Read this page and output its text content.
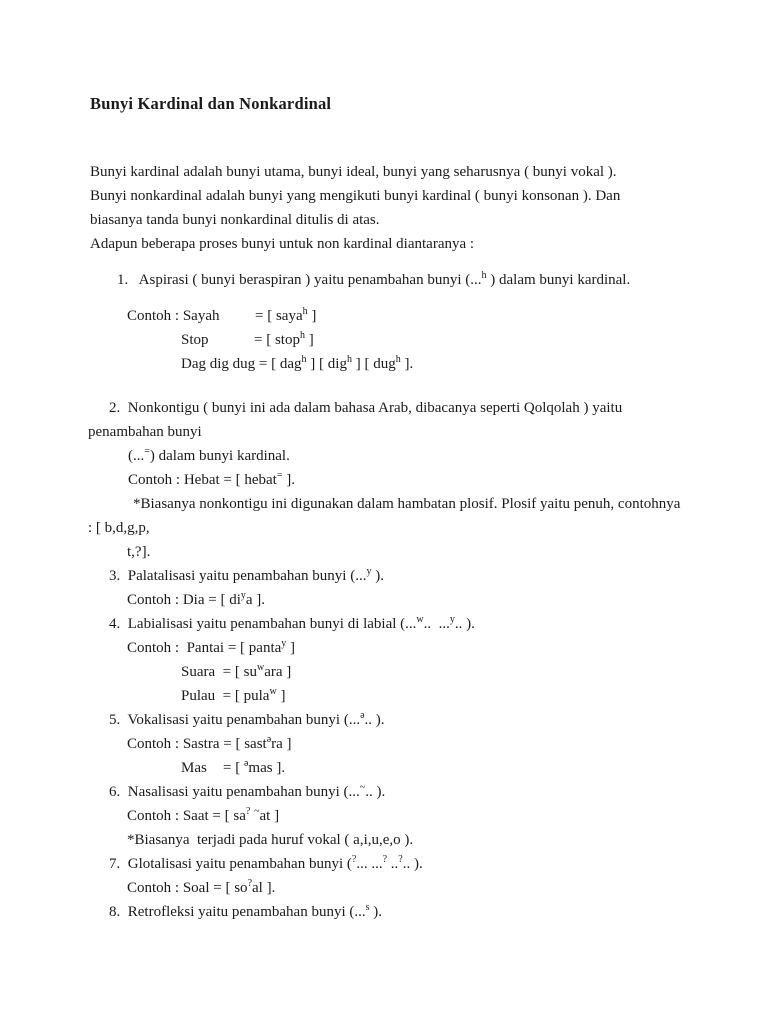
Bunyi Kardinal dan Nonkardinal

Bunyi kardinal adalah bunyi utama, bunyi ideal, bunyi yang seharusnya ( bunyi vokal ).

Bunyi nonkardinal adalah bunyi yang mengikuti bunyi kardinal ( bunyi konsonan ). Dan

biasanya tanda bunyi nonkardinal ditulis di atas.

Adapun beberapa proses bunyi untuk non kardinal diantaranya :

1.   Aspirasi ( bunyi beraspiran ) yaitu penambahan bunyi (...$^h$ ) dalam bunyi kardinal.

Contoh : Sayah = [ saya$^h$ ]

Stop	= [ stop$^h$ ]

Dag dig dug = [ dag$^h$ ] [ dig$^h$ ] [ dug$^h$ ].

2.  Nonkontigu ( bunyi ini ada dalam bahasa Arab, dibacanya seperti Qolqolah ) yaitu

penambahan bunyi

(...=) dalam bunyi kardinal.

Contoh : Hebat = [ hebat= ].

*Biasanya nonkontigu ini digunakan dalam hambatan plosif. Plosif yaitu penuh, contohnya

: [ b,d,g,p,

t,?].

3.  Palatalisasi yaitu penambahan bunyi (...$^y$ ).

Contoh : Dia = [ $di^ya$ ].

4.  Labialisasi yaitu penambahan bunyi di labial (...$^w$..  ...$^y$.. ).

Contoh :  Pantai = [ panta$^y$ ]

Suara  = [ $su^wara$ ]

Pulau  = [ pula$^w$ ]

5.  Vokalisasi yaitu penambahan bunyi (...$^ə$.. ).

Contoh : Sastra = [ sast$^ə$ra ]

Mas = [ $^ə$mas ].

6.  Nasalisasi yaitu penambahan bunyi (...~.. ).

Contoh : Saat = [ sa? ~at ]

*Biasanya  terjadi pada huruf vokal ( a,i,u,e,o ).

7.  Glotalisasi yaitu penambahan bunyi (?... ...? ..?.. ).

Contoh : Soal = [ so?al ].

8.  Retrofleksi yaitu penambahan bunyi (...$^s$ ).
